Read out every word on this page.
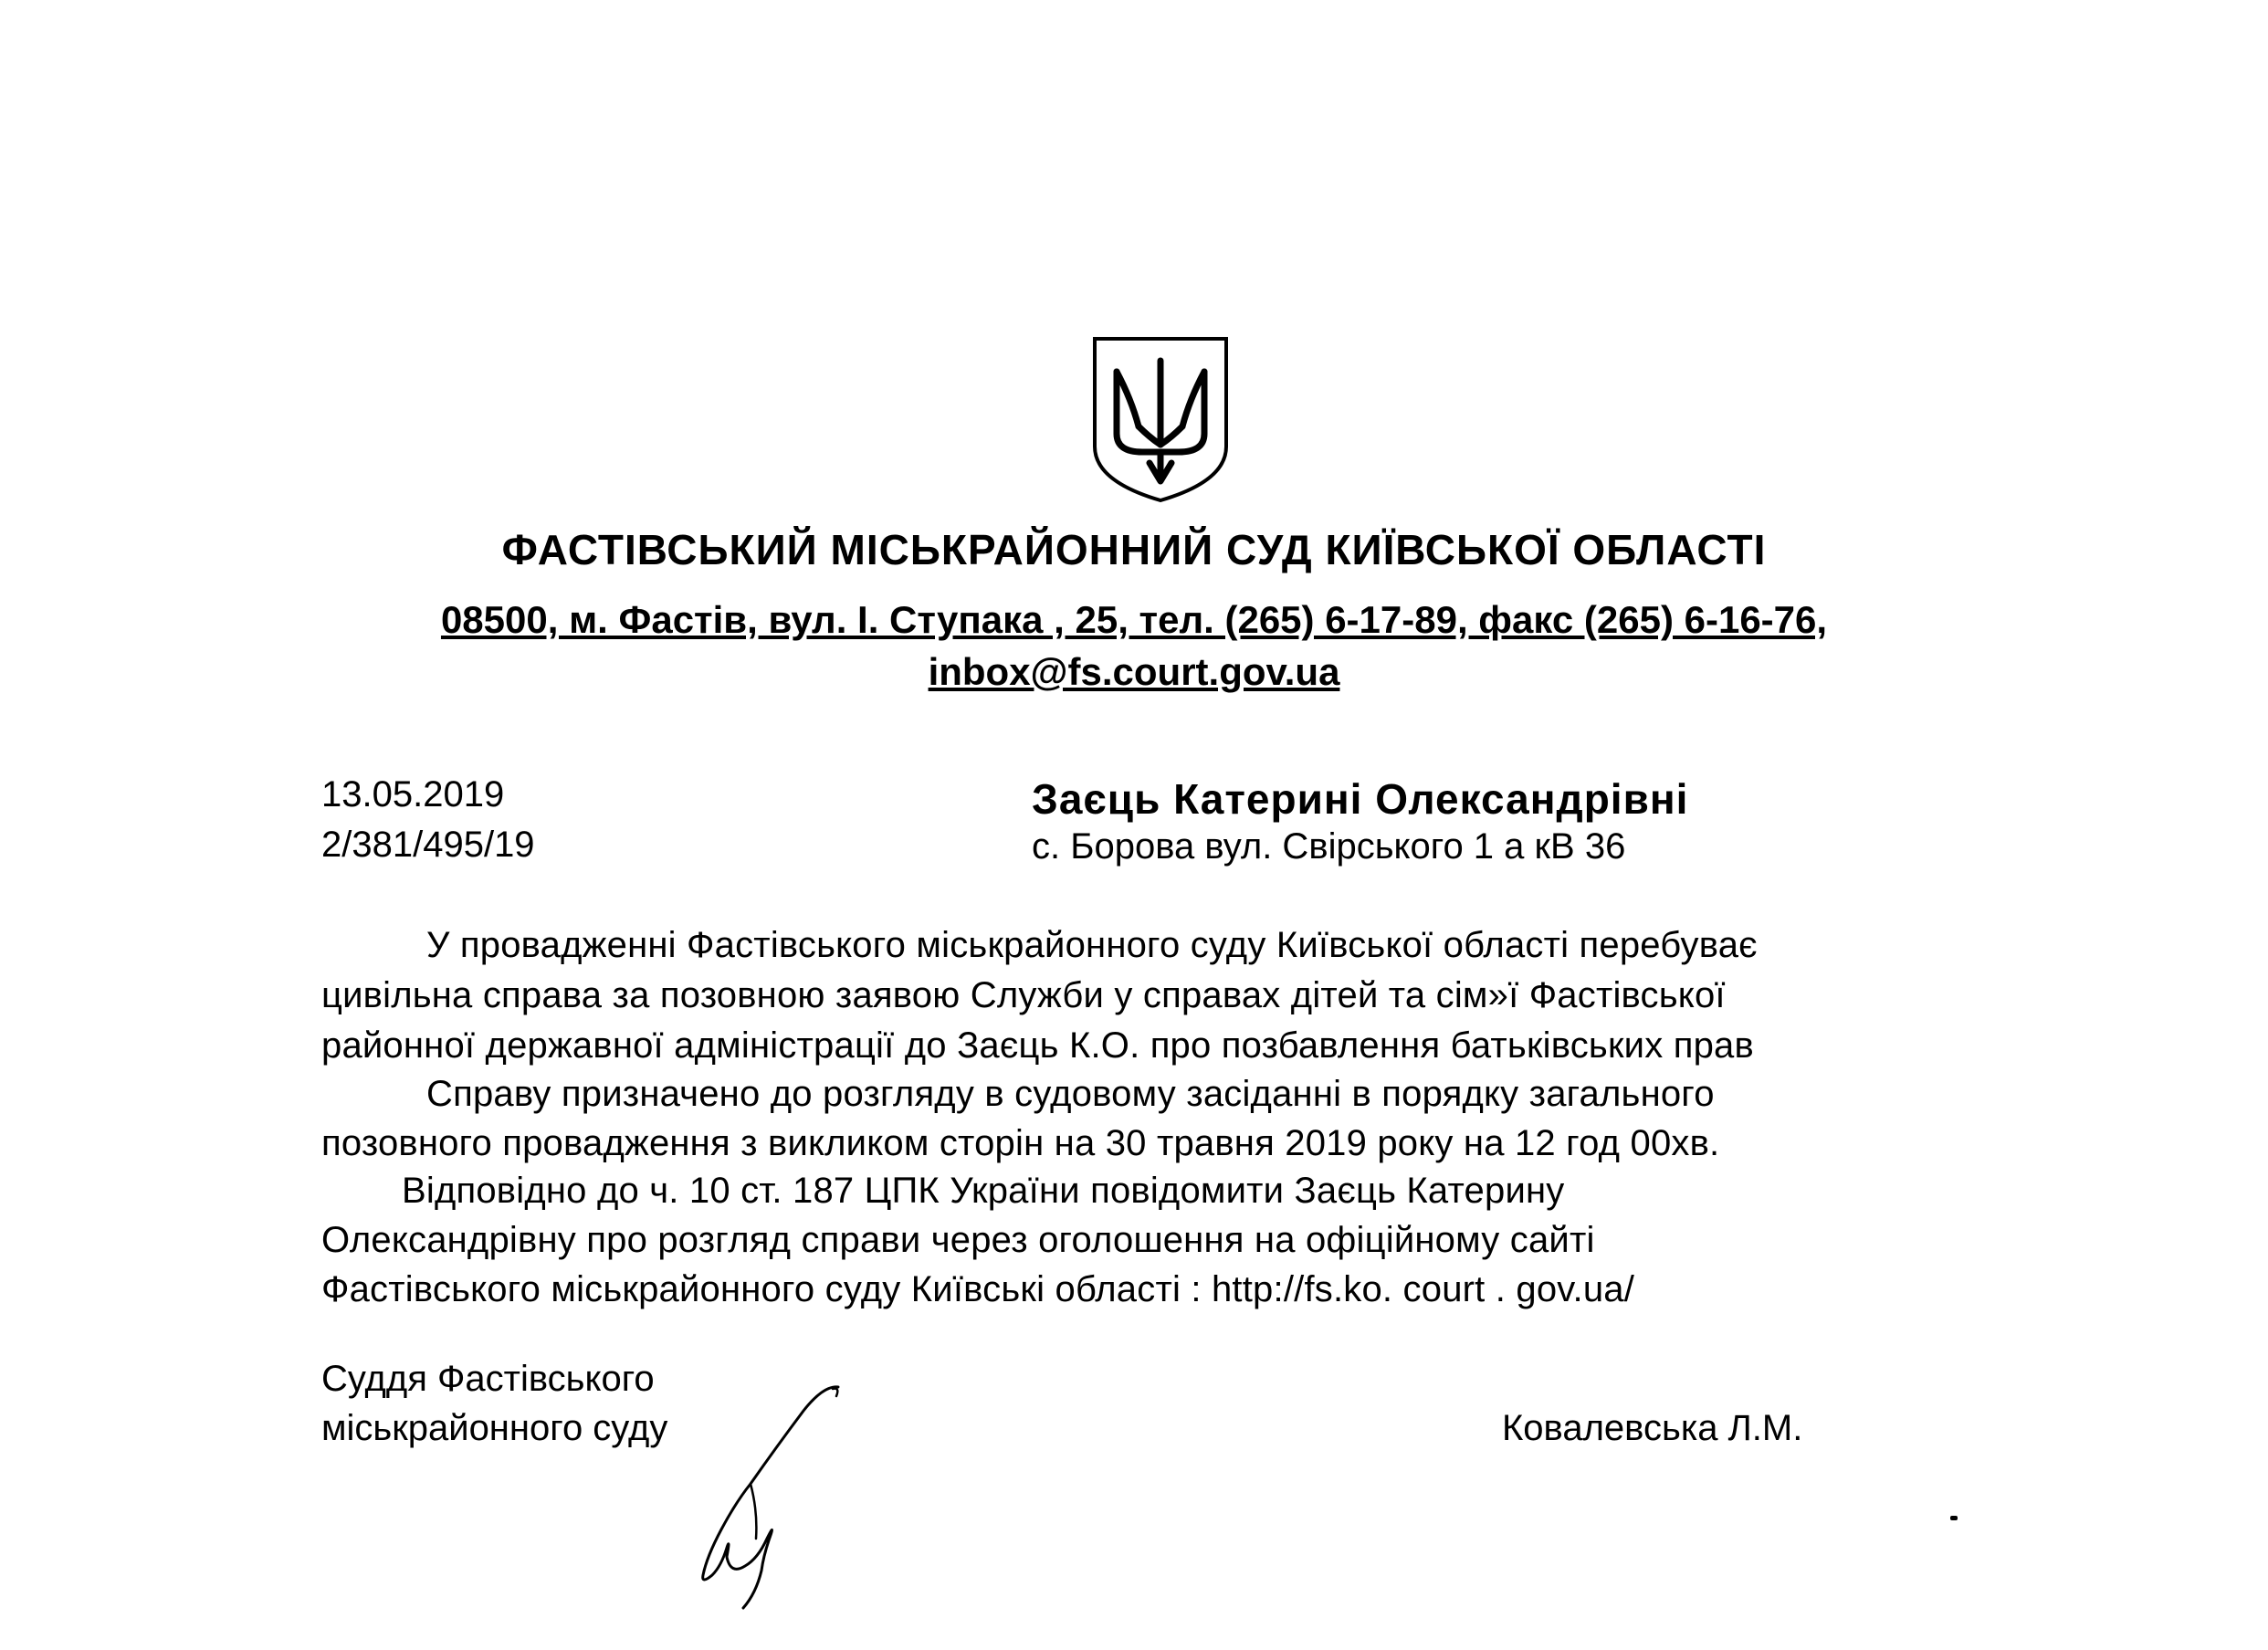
ФАСТІВСЬКИЙ МІСЬКРАЙОННИЙ СУД КИЇВСЬКОЇ ОБЛАСТІ
08500, м. Фастів, вул. І. Ступака , 25, тел. (265) 6-17-89, факс (265) 6-16-76,
inbox@fs.court.gov.ua
13.05.2019
2/381/495/19
Заєць Катерині Олександрівні
с. Борова вул. Свірського 1 а кВ 36
У провадженні Фастівського міськрайонного суду Київської області перебуває
цивільна справа за позовною заявою Служби у справах дітей та сім»ї Фастівської
районної державної адміністрації до Заєць К.О. про позбавлення батьківських прав
Справу призначено до розгляду в судовому засіданні в порядку загального
позовного провадження з викликом сторін на 30 травня 2019 року на 12 год 00хв.
Відповідно до ч. 10 ст. 187 ЦПК України повідомити Заєць Катерину
Олександрівну про розгляд справи через оголошення на офіційному сайті
Фастівського міськрайонного суду Київські області : http://fs.ko. court . gov.ua/
Суддя Фастівського
міськрайонного суду	Ковалевська Л.М.
